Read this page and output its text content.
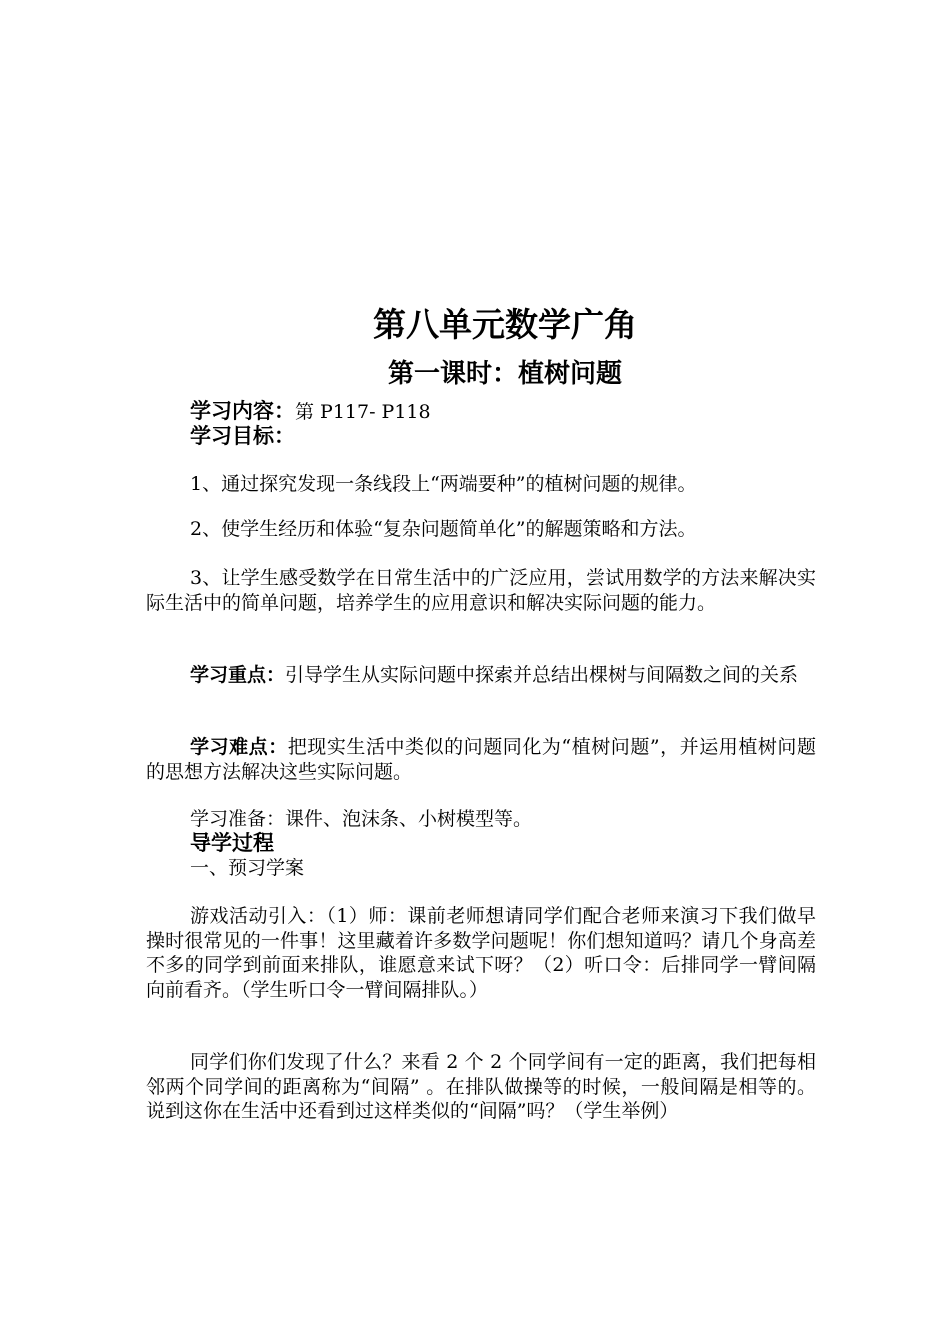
第八单元数学广角
第一课时：植树问题
学习内容：第 P117- P118
学习目标：
1、通过探究发现一条线段上“两端要种”的植树问题的规律。
2、使学生经历和体验“复杂问题简单化”的解题策略和方法。
3、让学生感受数学在日常生活中的广泛应用，尝试用数学的方法来解决实际生活中的简单问题，培养学生的应用意识和解决实际问题的能力。
学习重点：引导学生从实际问题中探索并总结出棵树与间隔数之间的关系
学习难点：把现实生活中类似的问题同化为“植树问题”，并运用植树问题的思想方法解决这些实际问题。
学习准备：课件、泡沫条、小树模型等。
导学过程
一、预习学案
游戏活动引入：（1）师：课前老师想请同学们配合老师来演习下我们做早操时很常见的一件事！这里藏着许多数学问题呢！你们想知道吗？请几个身高差不多的同学到前面来排队，谁愿意来试下呀？（2）听口令：后排同学一臂间隔向前看齐。（学生听口令一臂间隔排队。）
同学们你们发现了什么？来看 2 个 2 个同学间有一定的距离，我们把每相邻两个同学间的距离称为“间隔” 。在排队做操等的时候，一般间隔是相等的。说到这你在生活中还看到过这样类似的“间隔”吗？（学生举例）
